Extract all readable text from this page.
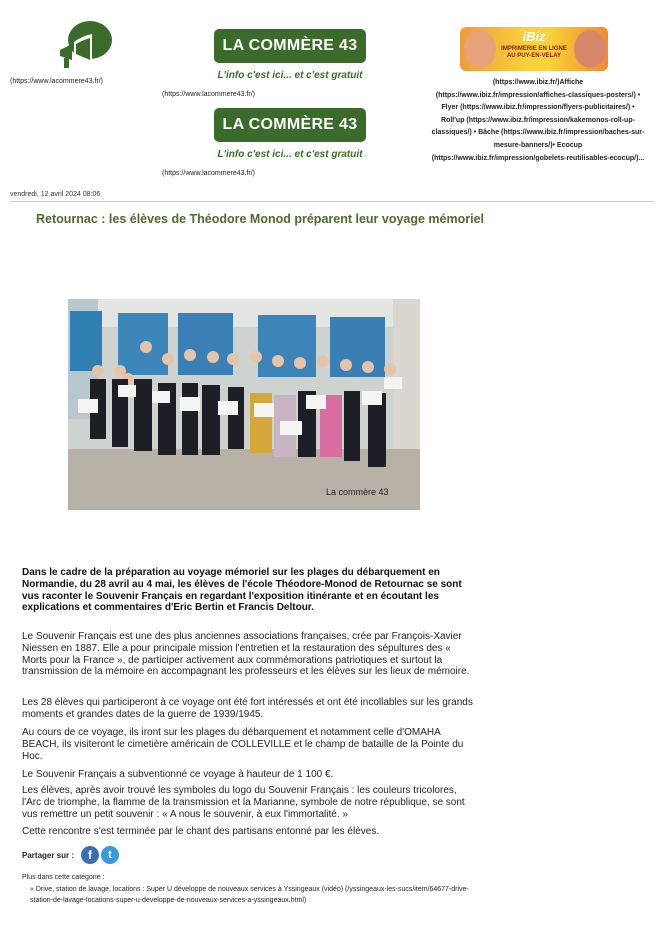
(https://www.lacommere43.fr/)
LA COMMÈRE 43
L'info c'est ici... et c'est gratuit
(https://www.lacommere43.fr/)
LA COMMÈRE 43
L'info c'est ici... et c'est gratuit
(https://www.lacommere43.fr/)
iBiz
IMPRIMERIE EN LIGNE AU PUY-EN-VELAY
(https://www.ibiz.fr/)Affiche
(https://www.ibiz.fr/impression/affiches-classiques-posters/) •
Flyer (https://www.ibiz.fr/impression/flyers-publicitaires/) •
Roll'up (https://www.ibiz.fr/impression/kakemonos-roll-up-
classiques/) • Bâche (https://www.ibiz.fr/impression/baches-sur-
mesure-banners/)• Ecocup
(https://www.ibiz.fr/impression/gobelets-reutilisables-ecocup/)...
vendredi, 12 avril 2024 08:06
Retournac : les élèves de Théodore Monod préparent leur voyage mémoriel
La commère 43
Dans le cadre de la préparation au voyage mémoriel sur les plages du débarquement en Normandie, du 28 avril au 4 mai, les élèves de l'école Théodore-Monod de Retournac se sont vus raconter le Souvenir Français en regardant l'exposition itinérante et en écoutant les explications et commentaires d'Eric Bertin et Francis Deltour.
Le Souvenir Français est une des plus anciennes associations françaises, crée par François-Xavier Niessen en 1887. Elle a pour principale mission l'entretien et la restauration des sépultures des « Morts pour la France », de participer activement aux commémorations patriotiques et surtout la transmission de la mémoire en accompagnant les professeurs et les élèves sur les lieux de mémoire.
Les 28 élèves qui participeront à ce voyage ont été fort intéressés et ont été incollables sur les grands moments et grandes dates de la guerre de 1939/1945.
Au cours de ce voyage, ils iront sur les plages du débarquement et notamment celle d'OMAHA BEACH, ils visiteront le cimetière américain de COLLEVILLE et le champ de bataille de la Pointe du Hoc.
Le Souvenir Français a subventionné ce voyage à hauteur de 1 100 €.
Les élèves, après avoir trouvé les symboles du logo du Souvenir Français : les couleurs tricolores, l'Arc de triomphe, la flamme de la transmission et la Marianne, symbole de notre république, se sont vus remettre un petit souvenir : « A nous le souvenir, à eux l'immortalité. »
Cette rencontre s'est terminée par le chant des partisans entonné par les élèves.
Partager sur :	f	t
Plus dans cette catégorie :
« Drive, station de lavage, locations : Super U développe de nouveaux services à Yssingeaux (vidéo) (/yssingeaux-les-sucs/item/64677-drive-station-de-lavage-locations-super-u-developpe-de-nouveaux-services-a-yssingeaux.html)
